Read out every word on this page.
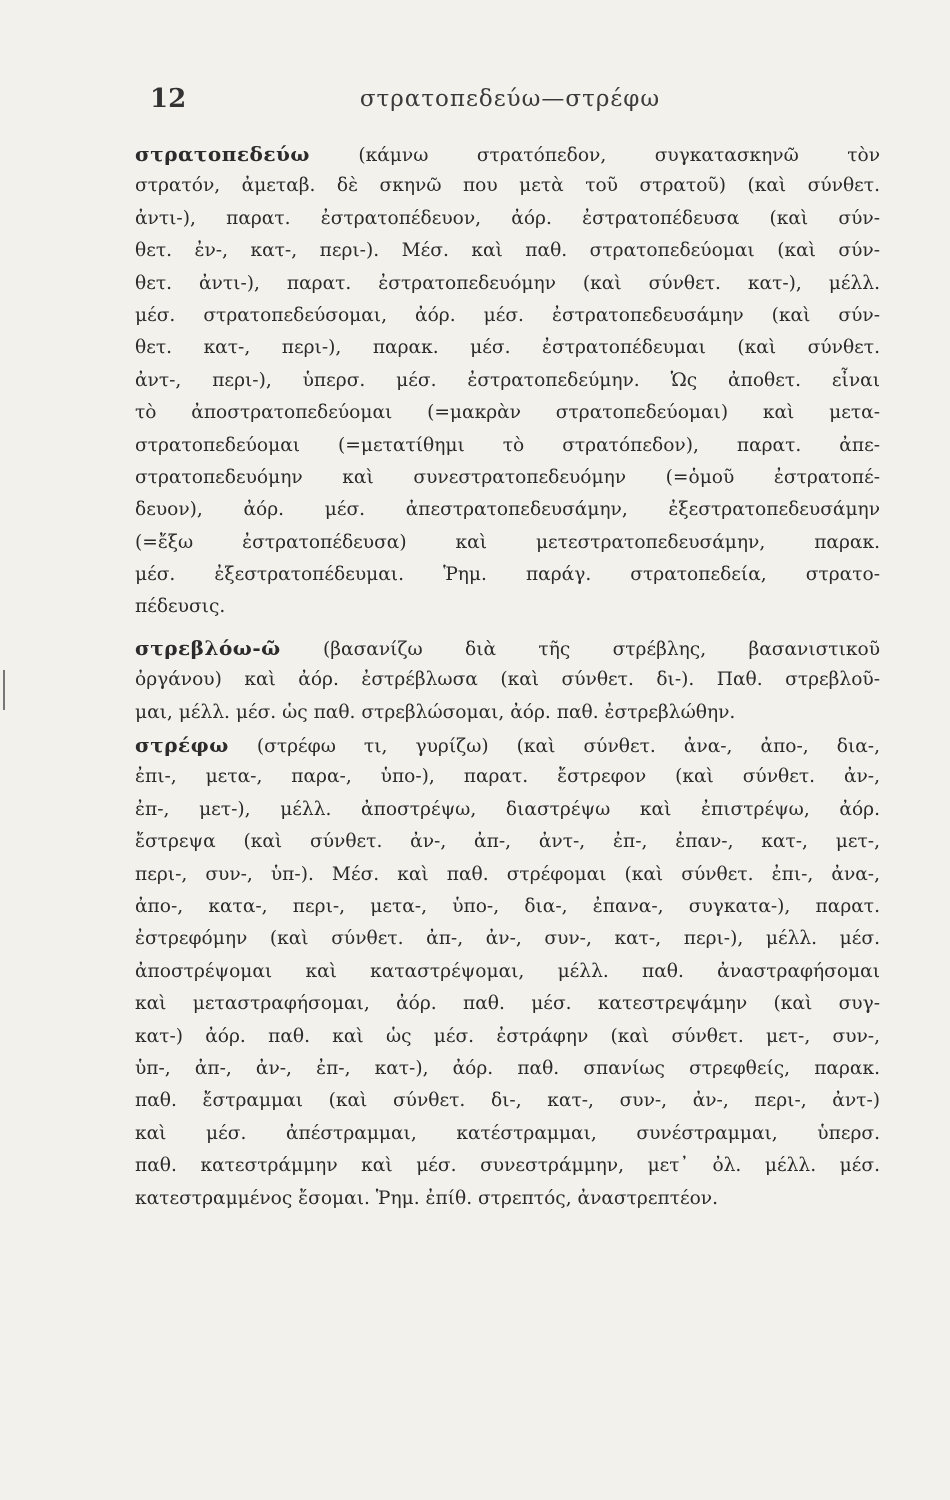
12	στρατοπεδεύω—στρέφω
στρατοπεδεύω (κάμνω στρατόπεδον, συγκατασκηνῶ τὸν
στρατόν, ἀμεταβ. δὲ σκηνῶ που μετὰ τοῦ στρατοῦ) (καὶ σύνθετ.
ἀντι-), παρατ. ἐστρατοπέδευον, ἀόρ. ἐστρατοπέδευσα (καὶ σύν-
θετ. ἐν-, κατ-, περι-). Μέσ. καὶ παθ. στρατοπεδεύομαι (καὶ σύν-
θετ. ἀντι-), παρατ. ἐστρατοπεδευόμην (καὶ σύνθετ. κατ-), μέλλ.
μέσ. στρατοπεδεύσομαι, ἀόρ. μέσ. ἐστρατοπεδευσάμην (καὶ σύν-
θετ. κατ-, περι-), παρακ. μέσ. ἐστρατοπέδευμαι (καὶ σύνθετ.
ἀντ-, περι-), ὑπερσ. μέσ. ἐστρατοπεδεύμην. Ὡς ἀποθετ. εἶναι
τὸ ἀποστρατοπεδεύομαι (=μακρὰν στρατοπεδεύομαι) καὶ μετα-
στρατοπεδεύομαι (=μετατίθημι τὸ στρατόπεδον), παρατ. ἀπε-
στρατοπεδευόμην καὶ συνεστρατοπεδευόμην (=ὁμοῦ ἐστρατοπέ-
δευον), ἀόρ. μέσ. ἀπεστρατοπεδευσάμην, ἐξεστρατοπεδευσάμην
(=ἔξω ἐστρατοπέδευσα) καὶ μετεστρατοπεδευσάμην, παρακ.
μέσ. ἐξεστρατοπέδευμαι. Ῥημ. παράγ. στρατοπεδεία, στρατο-
πέδευσις.
στρεβλόω-ῶ (βασανίζω διὰ τῆς στρέβλης, βασανιστικοῦ
ὀργάνου) καὶ ἀόρ. ἐστρέβλωσα (καὶ σύνθετ. δι-). Παθ. στρεβλοῦ-
μαι, μέλλ. μέσ. ὡς παθ. στρεβλώσομαι, ἀόρ. παθ. ἐστρεβλώθην.
στρέφω (στρέφω τι, γυρίζω) (καὶ σύνθετ. ἀνα-, ἀπο-, δια-,
ἐπι-, μετα-, παρα-, ὑπο-), παρατ. ἔστρεφον (καὶ σύνθετ. ἀν-,
ἐπ-, μετ-), μέλλ. ἀποστρέψω, διαστρέψω καὶ ἐπιστρέψω, ἀόρ.
ἔστρεψα (καὶ σύνθετ. ἀν-, ἀπ-, ἀντ-, ἐπ-, ἐπαν-, κατ-, μετ-,
περι-, συν-, ὑπ-). Μέσ. καὶ παθ. στρέφομαι (καὶ σύνθετ. ἐπι-, ἀνα-,
ἀπο-, κατα-, περι-, μετα-, ὑπο-, δια-, ἐπανα-, συγκατα-), παρατ.
ἐστρεφόμην (καὶ σύνθετ. ἀπ-, ἀν-, συν-, κατ-, περι-), μέλλ. μέσ.
ἀποστρέψομαι καὶ καταστρέψομαι, μέλλ. παθ. ἀναστραφήσομαι
καὶ μεταστραφήσομαι, ἀόρ. παθ. μέσ. κατεστρεψάμην (καὶ συγ-
κατ-) ἀόρ. παθ. καὶ ὡς μέσ. ἐστράφην (καὶ σύνθετ. μετ-, συν-,
ὑπ-, ἀπ-, ἀν-, ἐπ-, κατ-), ἀόρ. παθ. σπανίως στρεφθείς, παρακ.
παθ. ἔστραμμαι (καὶ σύνθετ. δι-, κατ-, συν-, ἀν-, περι-, ἀντ-)
καὶ μέσ. ἀπέστραμμαι, κατέστραμμαι, συνέστραμμαι, ὑπερσ.
παθ. κατεστράμμην καὶ μέσ. συνεστράμμην, μετ᾽ ὀλ. μέλλ. μέσ.
κατεστραμμένος ἔσομαι. Ῥημ. ἐπίθ. στρεπτός, ἀναστρεπτέον.
